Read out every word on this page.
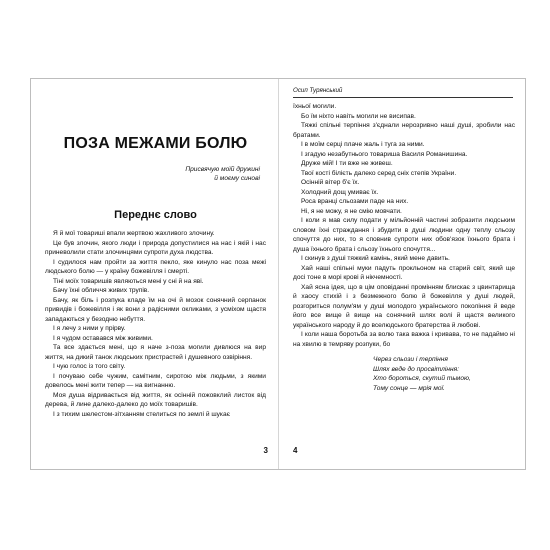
ПОЗА МЕЖАМИ БОЛЮ
Присвячую моїй дружині
й моєму синові
Переднє слово

Я й мої товариші впали жертвою жахливого злочину.

Це був злочин, якого люди і природа допустилися на нас і якій і нас приневолили стати злочинцями супроти духа людства.

І судилося нам пройти за життя пекло, яке кинуло нас поза межі людського болю — у країну божевілля і смерті.

Тіні моїх товаришів являються мені у сні й на яві.

Бачу їхні обличчя живих трупів.

Бачу, як біль і розпука кладе їм на очі й мозок сонячний серпанок привидів і божевілля і як вони з радісними окликами, з усміхом щастя западаються у безодню небуття.

І я лечу з ними у прірву.

І я чудом оставався між живими.

Та все здається мені, що я наче з-поза могили дивлюся на вир життя, на дикий танок людських пристрастей і душевного озвіріння.

І чую голос із того світу.

І почуваю себе чужим, самітним, сиротою між людьми, з якими довелось мені жити тепер — на вигнанню.

Моя душа відривається від життя, як осінній пожовклий листок від дерева, й лине далеко-далеко до моїх товаришів.

І з тихим шелестом-зітханням стелиться по землі й шукає

3
Осип Турянський

їхньої могили.

Бо їм ніхто навіть могили не висипав.

Тяжкі спільні терпіння з'єднали нерозривно наші душі, зробили нас братами.

І в моїм серці плаче жаль і туга за ними.

І згадую незабутнього товариша Василя Романишина.

Друже мій! І ти вже не живеш.

Твої кості білієть далеко серед сніх степів України.

Осінній вітер б'є їх.

Холодний дощ умиває їх.

Роса вранці сльозами паде на них.

Ні, я не можу, я не смію мовчати.

І коли я мав силу подати у мільйонній частині зобразити людським словом їхні страждання і збудити в душі людини одну теплу сльозу спочуття до них, то я сповнив супроти них обов'язок їхнього брата і душа їхнього брата і сльозу їхнього спочуття...

І скинув з душі тяжкий камінь, який мене давить.

Хай наші спільні муки падуть прокльоном на старий світ, який ще досі тоне в морі крові й нікчемності.

Хай ясна ідея, що в цім оповіданні промінням блискає з цвинтарища й хаосу стихій і з безмежного болю й божевілля у душі людей, розгориться полум'ям у душі молодого українського покоління й веде його все вище й вище на сонячний шлях волі й щастя великого українського народу й до вселюдського братерства й любові.

І коли наша боротьба за волю така важка і кривава, то не падаймо ні на хвилю в темряву розпуки, бо

Через сльози і терпіння
Шлях веде до просвітління:
Хто бороться, скутий тьмою,
Тому сонце — мрія мої.
4
